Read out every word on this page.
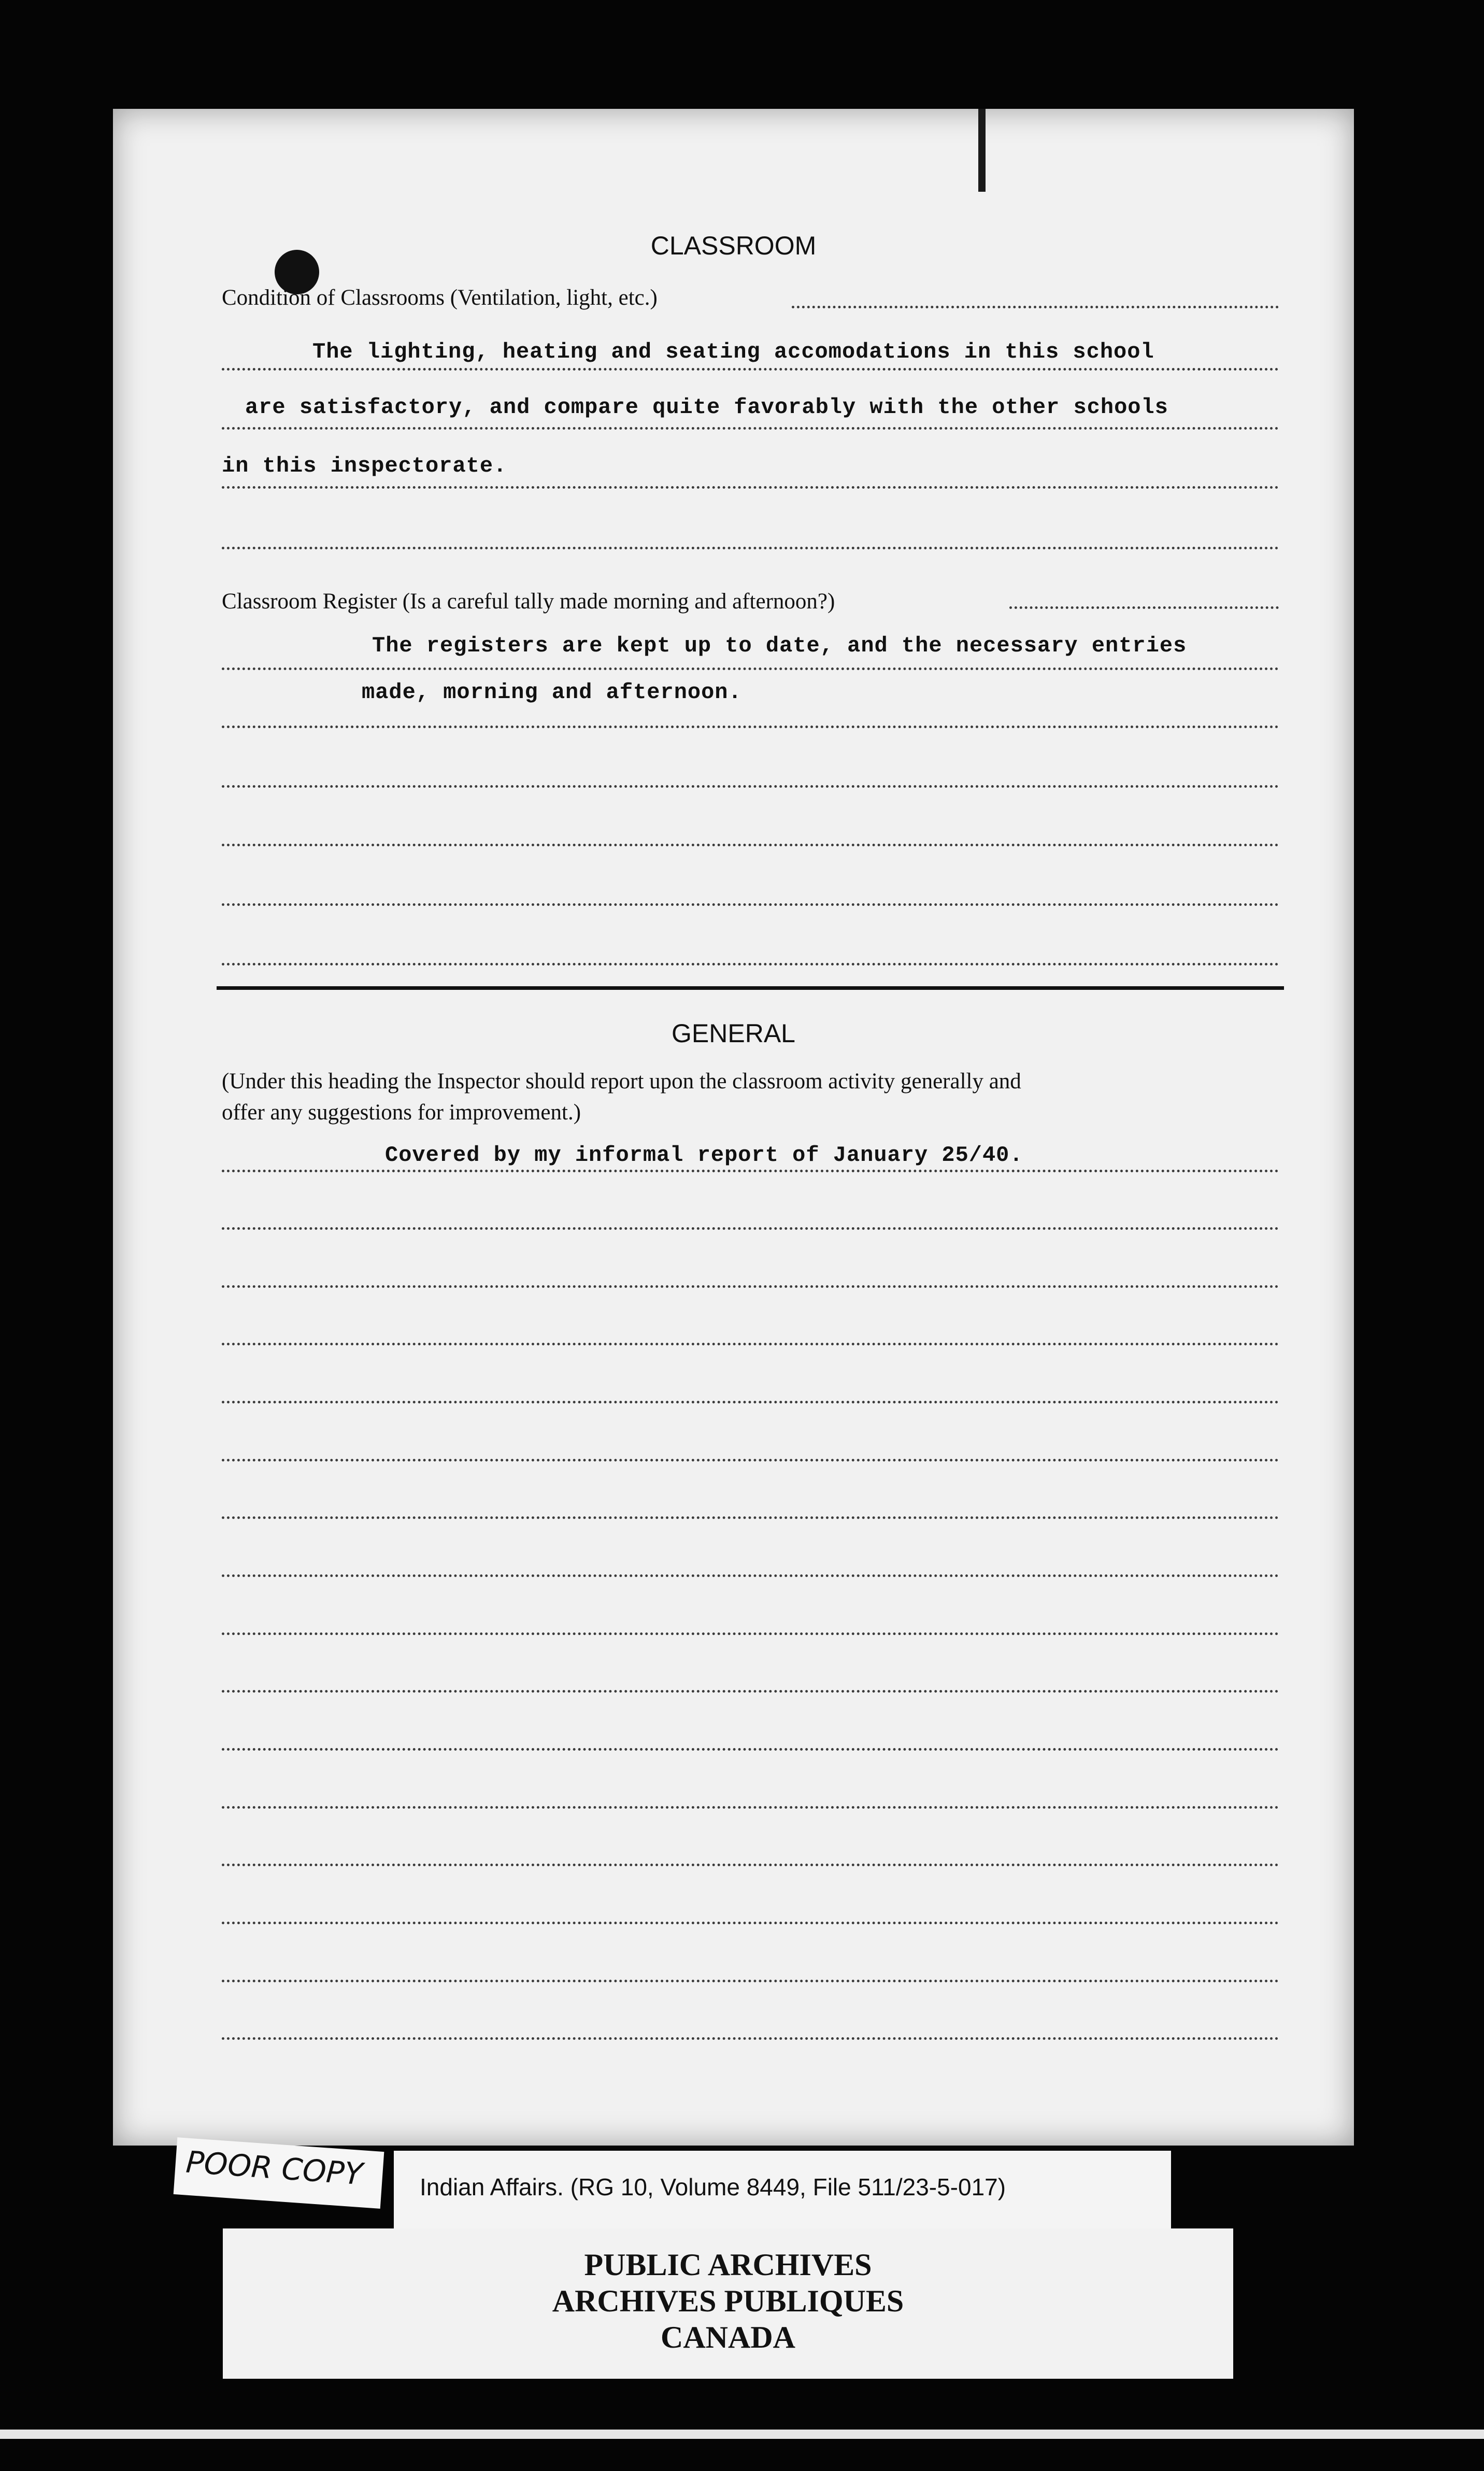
CLASSROOM
Condition of Classrooms (Ventilation, light, etc.)
The lighting, heating and seating accomodations in this school
are satisfactory, and compare quite favorably with the other schools
in this inspectorate.
Classroom Register (Is a careful tally made morning and afternoon?)
The registers are kept up to date, and the necessary entries
made, morning and afternoon.
GENERAL
(Under this heading the Inspector should report upon the classroom activity generally and
offer any suggestions for improvement.)
Covered by my informal report of January 25/40.
Indian Affairs. (RG 10, Volume 8449, File 511/23-5-017)
POOR COPY
PUBLIC ARCHIVES
ARCHIVES PUBLIQUES
CANADA
